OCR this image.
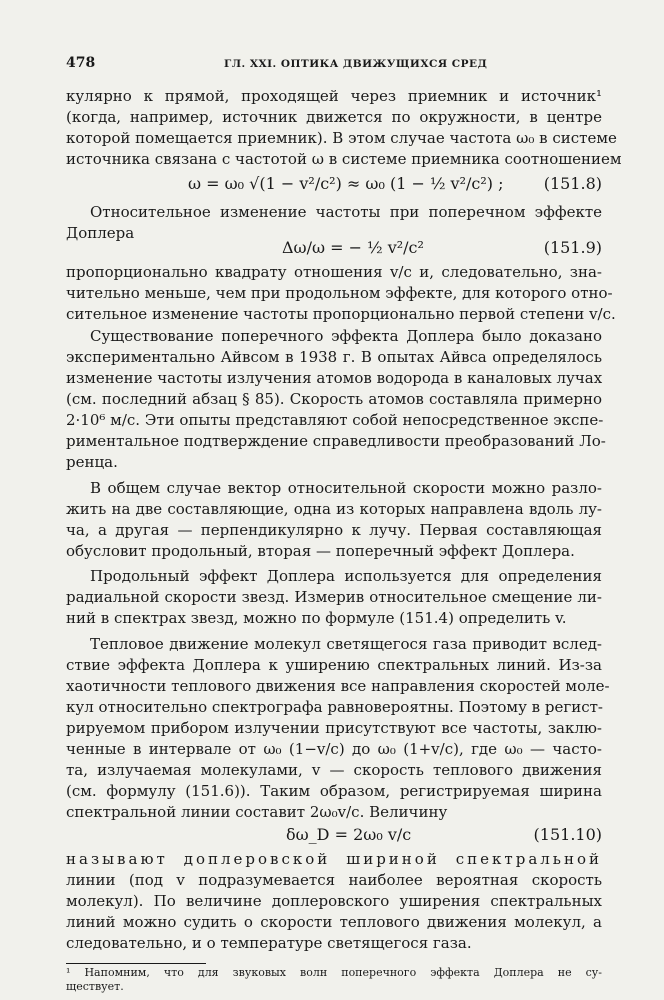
478	ГЛ. XXI. ОПТИКА ДВИЖУЩИХСЯ СРЕД
кулярно к прямой, проходящей через приемник и источник¹
(когда, например, источник движется по окружности, в центре
которой помещается приемник). В этом случае частота ω₀ в системе
источника связана с частотой ω в системе приемника соотношением
ω = ω₀ √(1 − v²/c²) ≈ ω₀ (1 − ½ v²/c²) ;	(151.8)
Относительное изменение частоты при поперечном эффекте
Доплера
Δω/ω = − ½ v²/c²	(151.9)
пропорционально квадрату отношения v/c и, следовательно, зна-
чительно меньше, чем при продольном эффекте, для которого отно-
сительное изменение частоты пропорционально первой степени v/c.
Существование поперечного эффекта Доплера было доказано
экспериментально Айвсом в 1938 г. В опытах Айвса определялось
изменение частоты излучения атомов водорода в каналовых лучах
(см. последний абзац § 85). Скорость атомов составляла примерно
2·10⁶ м/с. Эти опыты представляют собой непосредственное экспе-
риментальное подтверждение справедливости преобразований Ло-
ренца.
В общем случае вектор относительной скорости можно разло-
жить на две составляющие, одна из которых направлена вдоль лу-
ча, а другая — перпендикулярно к лучу. Первая составляющая
обусловит продольный, вторая — поперечный эффект Доплера.
Продольный эффект Доплера используется для определения
радиальной скорости звезд. Измерив относительное смещение ли-
ний в спектрах звезд, можно по формуле (151.4) определить v.
Тепловое движение молекул светящегося газа приводит вслед-
ствие эффекта Доплера к уширению спектральных линий. Из-за
хаотичности теплового движения все направления скоростей моле-
кул относительно спектрографа равновероятны. Поэтому в регист-
рируемом прибором излучении присутствуют все частоты, заклю-
ченные в интервале от ω₀ (1−v/c) до ω₀ (1+v/c), где ω₀ — часто-
та, излучаемая молекулами, v — скорость теплового движения
(см. формулу (151.6)). Таким образом, регистрируемая ширина
спектральной линии составит 2ω₀v/c. Величину
¹ Напомним, что для звуковых волн поперечного эффекта Доплера не су-
ществует.
δω_D = 2ω₀ v/c	(151.10)
называют доплеровской шириной спектральной
линии (под v подразумевается наиболее вероятная скорость
молекул). По величине доплеровского уширения спектральных
линий можно судить о скорости теплового движения молекул, а
следовательно, и о температуре светящегося газа.
